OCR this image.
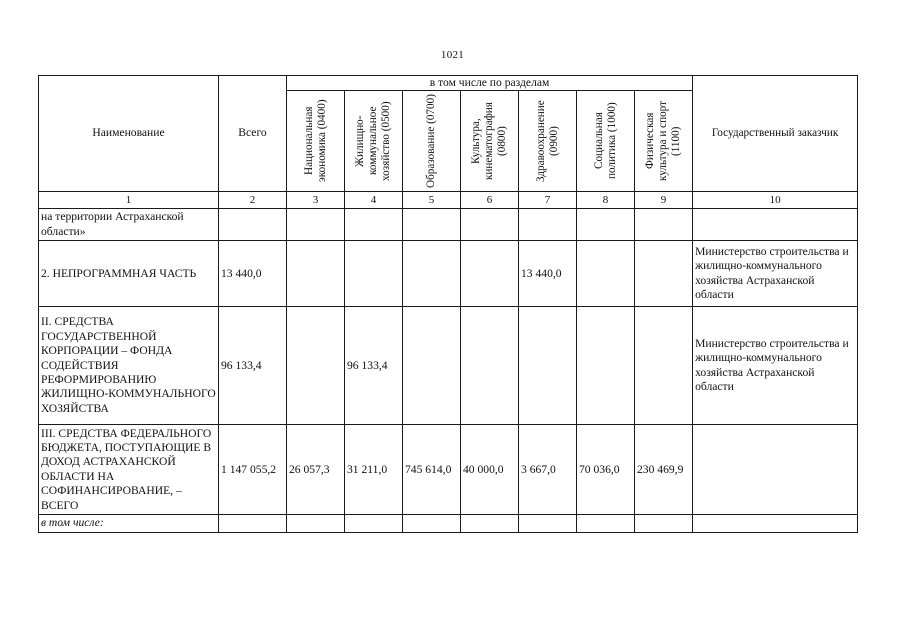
1021
Наименование	Всего	в том числе по разделам							Государственный заказчик

		Национальная экономика (0400)	Жилищно-коммунальное хозяйство (0500)	Образование (0700)	Культура, кинематография (0800)	Здравоохранение (0900)	Социальная политика (1000)	Физическая культура и спорт (1100)	

1	2	3	4	5	6	7	8	9	10
на территории Астраханской области»									
2. НЕПРОГРАММНАЯ ЧАСТЬ	13 440,0					13 440,0			Министерство строительства и жилищно-коммунального хозяйства Астраханской области
II. СРЕДСТВА ГОСУДАРСТВЕННОЙ КОРПОРАЦИИ – ФОНДА СОДЕЙСТВИЯ РЕФОРМИРОВАНИЮ ЖИЛИЩНО-КОММУНАЛЬНОГО ХОЗЯЙСТВА	96 133,4		96 133,4						Министерство строительства и жилищно-коммунального хозяйства Астраханской области
III. СРЕДСТВА ФЕДЕРАЛЬНОГО БЮДЖЕТА, ПОСТУПАЮЩИЕ В ДОХОД АСТРАХАНСКОЙ ОБЛАСТИ НА СОФИНАНСИРОВАНИЕ, – ВСЕГО	1 147 055,2	26 057,3	31 211,0	745 614,0	40 000,0	3 667,0	70 036,0	230 469,9	
в том числе:									
